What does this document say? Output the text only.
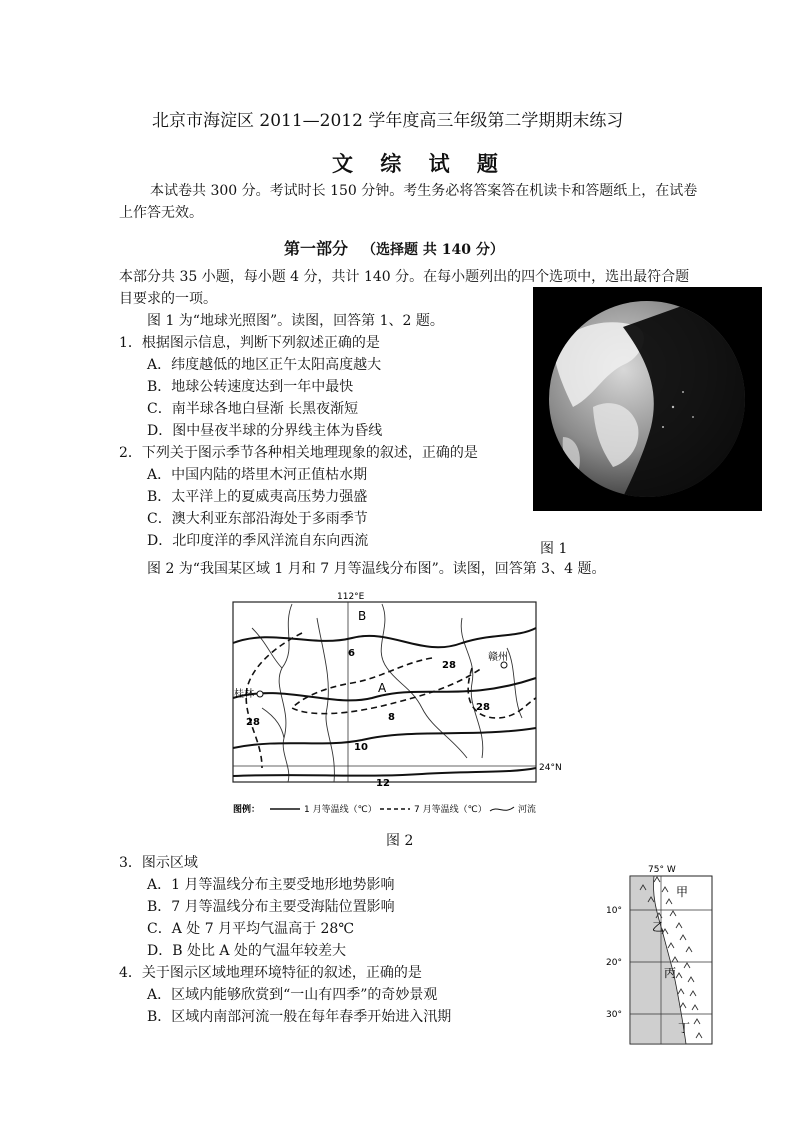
北京市海淀区 2011—2012 学年度高三年级第二学期期末练习
文 综 试 题
本试卷共 300 分。考试时长 150 分钟。考生务必将答案答在机读卡和答题纸上，在试卷
上作答无效。
第一部分 （选择题 共 140 分）
本部分共 35 小题，每小题 4 分，共计 140 分。在每小题列出的四个选项中，选出最符合题
目要求的一项。
图 1 为“地球光照图”。读图，回答第 1、2 题。
1．根据图示信息，判断下列叙述正确的是
A．纬度越低的地区正午太阳高度越大
B．地球公转速度达到一年中最快
C．南半球各地白昼渐 长黑夜渐短
D．图中昼夜半球的分界线主体为昏线
2．下列关于图示季节各种相关地理现象的叙述，正确的是
A．中国内陆的塔里木河正值枯水期
B．太平洋上的夏威夷高压势力强盛
C．澳大利亚东部沿海处于多雨季节
D．北印度洋的季风洋流自东向西流	图 1
图 2 为“我国某区域 1 月和 7 月等温线分布图”。读图，回答第 3、4 题。
112°E
24°N
B
A
桂林
赣州
6
8
10
12
28
28
28
图例：	1 月等温线（℃）	7 月等温线（℃）	河流
图 2
3．图示区域
A．1 月等温线分布主要受地形地势影响
B．7 月等温线分布主要受海陆位置影响
C．A 处 7 月平均气温高于 28℃
D．B 处比 A 处的气温年较差大
4．关于图示区域地理环境特征的叙述，正确的是
A．区域内能够欣赏到“一山有四季”的奇妙景观
B．区域内南部河流一般在每年春季开始进入汛期
75° W
10°
20°
30°
甲
乙
丙
丁
